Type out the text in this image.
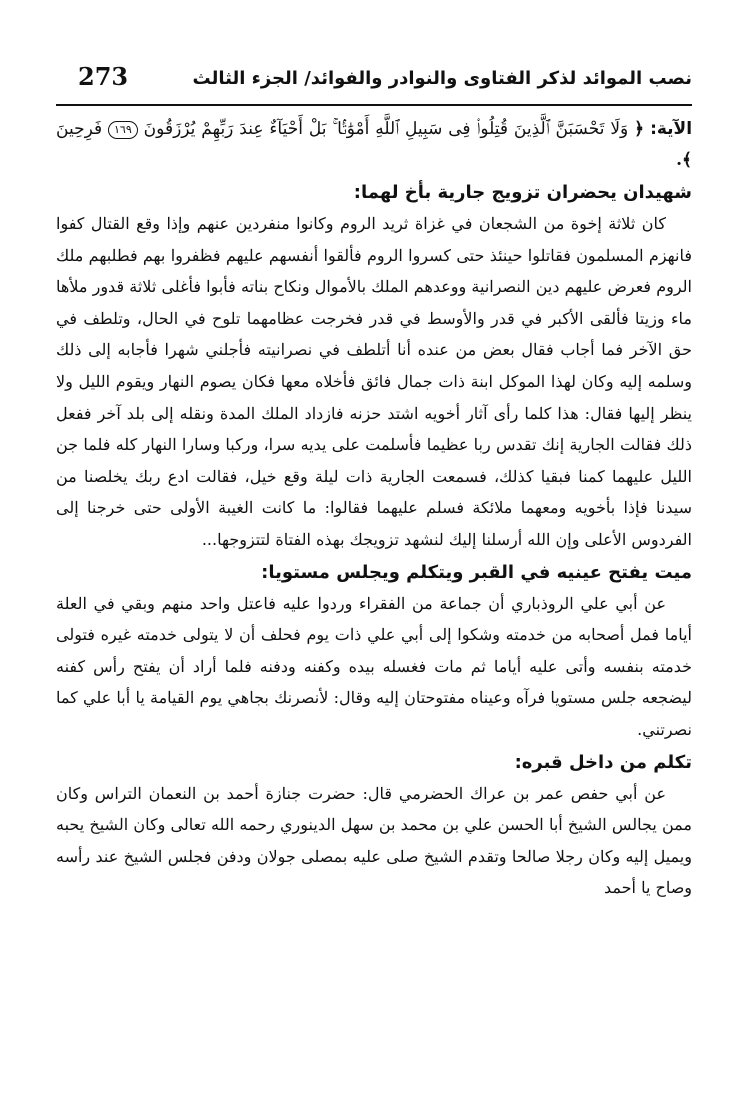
273	نصب الموائد لذكر الفتاوى والنوادر والفوائد/ الجزء الثالث
الآية: ﴿ وَلَا تَحْسَبَنَّ ٱلَّذِينَ قُتِلُوا۟ فِى سَبِيلِ ٱللَّهِ أَمْوَٰتًۢا ۚ بَلْ أَحْيَآءٌ عِندَ رَبِّهِمْ يُرْزَقُونَ ١٦٩ فَرِحِينَ ﴾.
شهيدان يحضران تزويج جارية بأخ لهما:

كان ثلاثة إخوة من الشجعان في غزاة ثريد الروم وكانوا منفردين عنهم وإذا وقع القتال كفوا فانهزم المسلمون فقاتلوا حينئذ حتى كسروا الروم فألقوا أنفسهم عليهم فظفروا بهم فطلبهم ملك الروم فعرض عليهم دين النصرانية ووعدهم الملك بالأموال ونكاح بناته فأبوا فأغلى ثلاثة قدور ملأها ماء وزيتا فألقى الأكبر في قدر والأوسط في قدر فخرجت عظامهما تلوح في الحال، وتلطف في حق الآخر فما أجاب فقال بعض من عنده أنا أتلطف في نصرانيته فأجلني شهرا فأجابه إلى ذلك وسلمه إليه وكان لهذا الموكل ابنة ذات جمال فائق فأخلاه معها فكان يصوم النهار ويقوم الليل ولا ينظر إليها فقال: هذا كلما رأى آثار أخويه اشتد حزنه فازداد الملك المدة ونقله إلى بلد آخر ففعل ذلك فقالت الجارية إنك تقدس ربا عظيما فأسلمت على يديه سرا، وركبا وسارا النهار كله فلما جن الليل عليهما كمنا فبقيا كذلك، فسمعت الجارية ذات ليلة وقع خيل، فقالت ادع ربك يخلصنا من سيدنا فإذا بأخويه ومعهما ملائكة فسلم عليهما فقالوا: ما كانت الغيبة الأولى حتى خرجنا إلى الفردوس الأعلى وإن الله أرسلنا إليك لنشهد تزويجك بهذه الفتاة لتتزوجها...

ميت يفتح عينيه في القبر ويتكلم ويجلس مستويا:

عن أبي علي الروذباري أن جماعة من الفقراء وردوا عليه فاعتل واحد منهم وبقي في العلة أياما فمل أصحابه من خدمته وشكوا إلى أبي علي ذات يوم فحلف أن لا يتولى خدمته غيره فتولى خدمته بنفسه وأتى عليه أياما ثم مات فغسله بيده وكفنه ودفنه فلما أراد أن يفتح رأس كفنه ليضجعه جلس مستويا فرآه وعيناه مفتوحتان إليه وقال: لأنصرنك بجاهي يوم القيامة يا أبا علي كما نصرتني.

تكلم من داخل قبره:

عن أبي حفص عمر بن عراك الحضرمي قال: حضرت جنازة أحمد بن النعمان التراس وكان ممن يجالس الشيخ أبا الحسن علي بن محمد بن سهل الدينوري رحمه الله تعالى وكان الشيخ يحبه ويميل إليه وكان رجلا صالحا وتقدم الشيخ صلى عليه بمصلى جولان ودفن فجلس الشيخ عند رأسه وصاح يا أحمد
